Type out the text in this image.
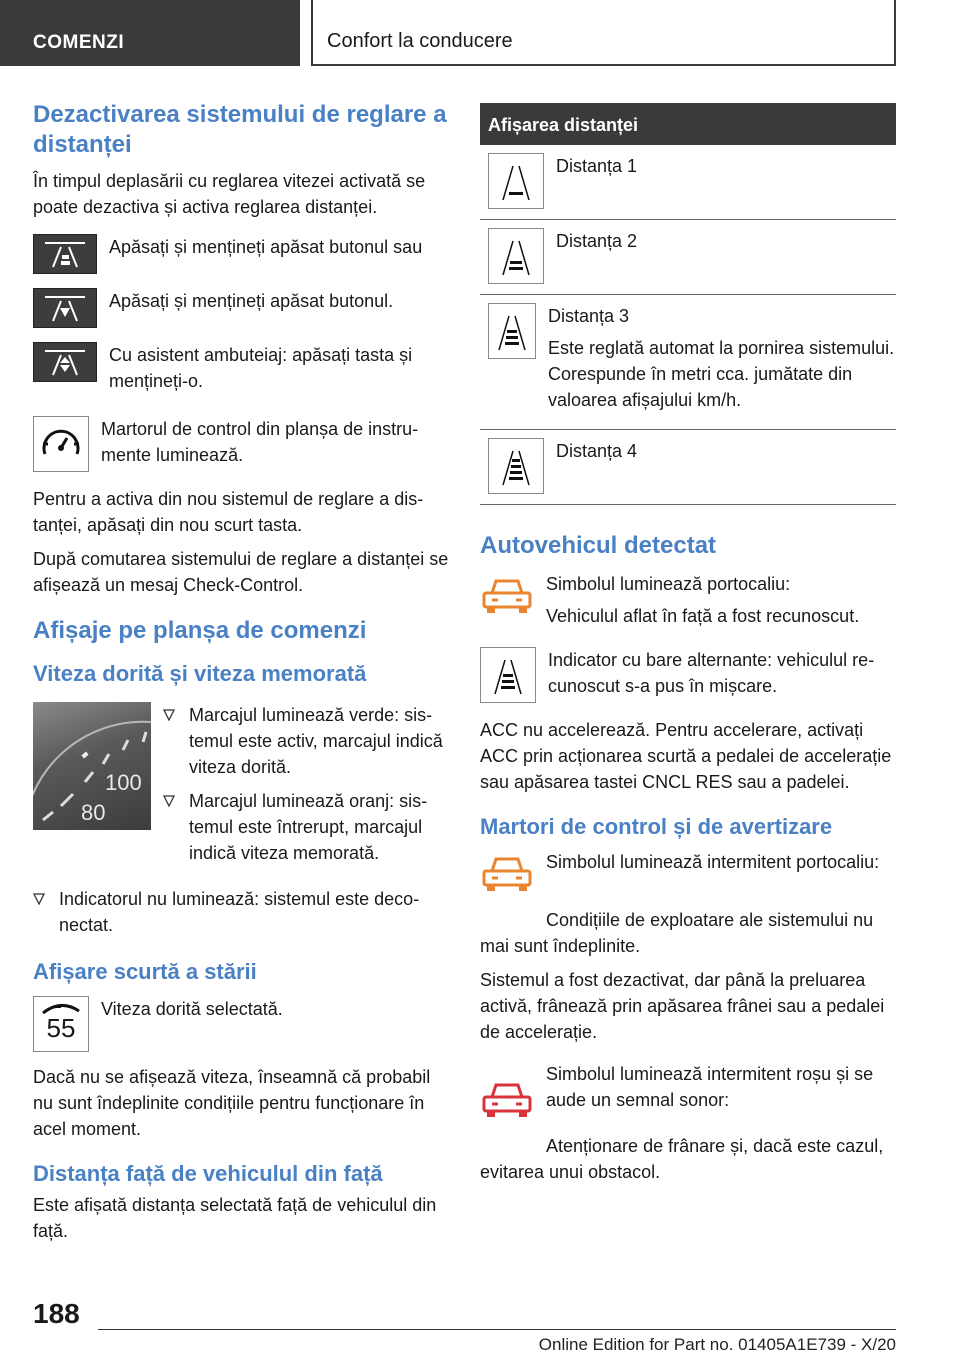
COMENZI	Confort la conducere
Dezactivarea sistemului de reglare a distanței

În timpul deplasării cu reglarea vitezei activată se poate dezactiva și activa reglarea distanței.

Apăsați și mențineți apăsat butonul sau

Apăsați și mențineți apăsat butonul.

Cu asistent ambuteiaj: apăsați tasta și mențineți-o.

Martorul de control din planșa de instrumente luminează.

Pentru a activa din nou sistemul de reglare a distanței, apăsați din nou scurt tasta.

După comutarea sistemului de reglare a distanței se afișează un mesaj Check-Control.

Afișaje pe planșa de comenzi
Viteza dorită și viteza memorată
100
80
Marcajul luminează verde: sistemul este activ, marcajul indică viteza dorită.
Marcajul luminează oranj: sistemul este întrerupt, marcajul indică viteza memorată.
Indicatorul nu luminează: sistemul este deconectat.
Afișare scurtă a stării
55

Viteza dorită selectată.

Dacă nu se afișează viteza, înseamnă că probabil nu sunt îndeplinite condițiile pentru funcționare în acel moment.

Distanța față de vehiculul din față

Este afișată distanța selectată față de vehiculul din față.

Afișarea distanței

Distanța 1

Distanța 2

Distanța 3

Este reglată automat la pornirea sistemului. Corespunde în metri cca. jumătate din valoarea afișajului km/h.

Distanța 4

Autovehicul detectat

Simbolul luminează portocaliu:

Vehiculul aflat în față a fost recunoscut.

Indicator cu bare alternante: vehiculul recunoscut s-a pus în mișcare.

ACC nu accelerează. Pentru accelerare, activați ACC prin acționarea scurtă a pedalei de accelerație sau apăsarea tastei CNCL RES sau a padelei.

Martori de control și de avertizare

Simbolul luminează intermitent portocaliu:

Condițiile de exploatare ale sistemului nu mai sunt îndeplinite.

Sistemul a fost dezactivat, dar până la preluarea activă, frânează prin apăsarea frânei sau a pedalei de accelerație.

Simbolul luminează intermitent roșu și se aude un semnal sonor:

Atenționare de frânare și, dacă este cazul, evitarea unui obstacol.

188
Online Edition for Part no. 01405A1E739 - X/20
